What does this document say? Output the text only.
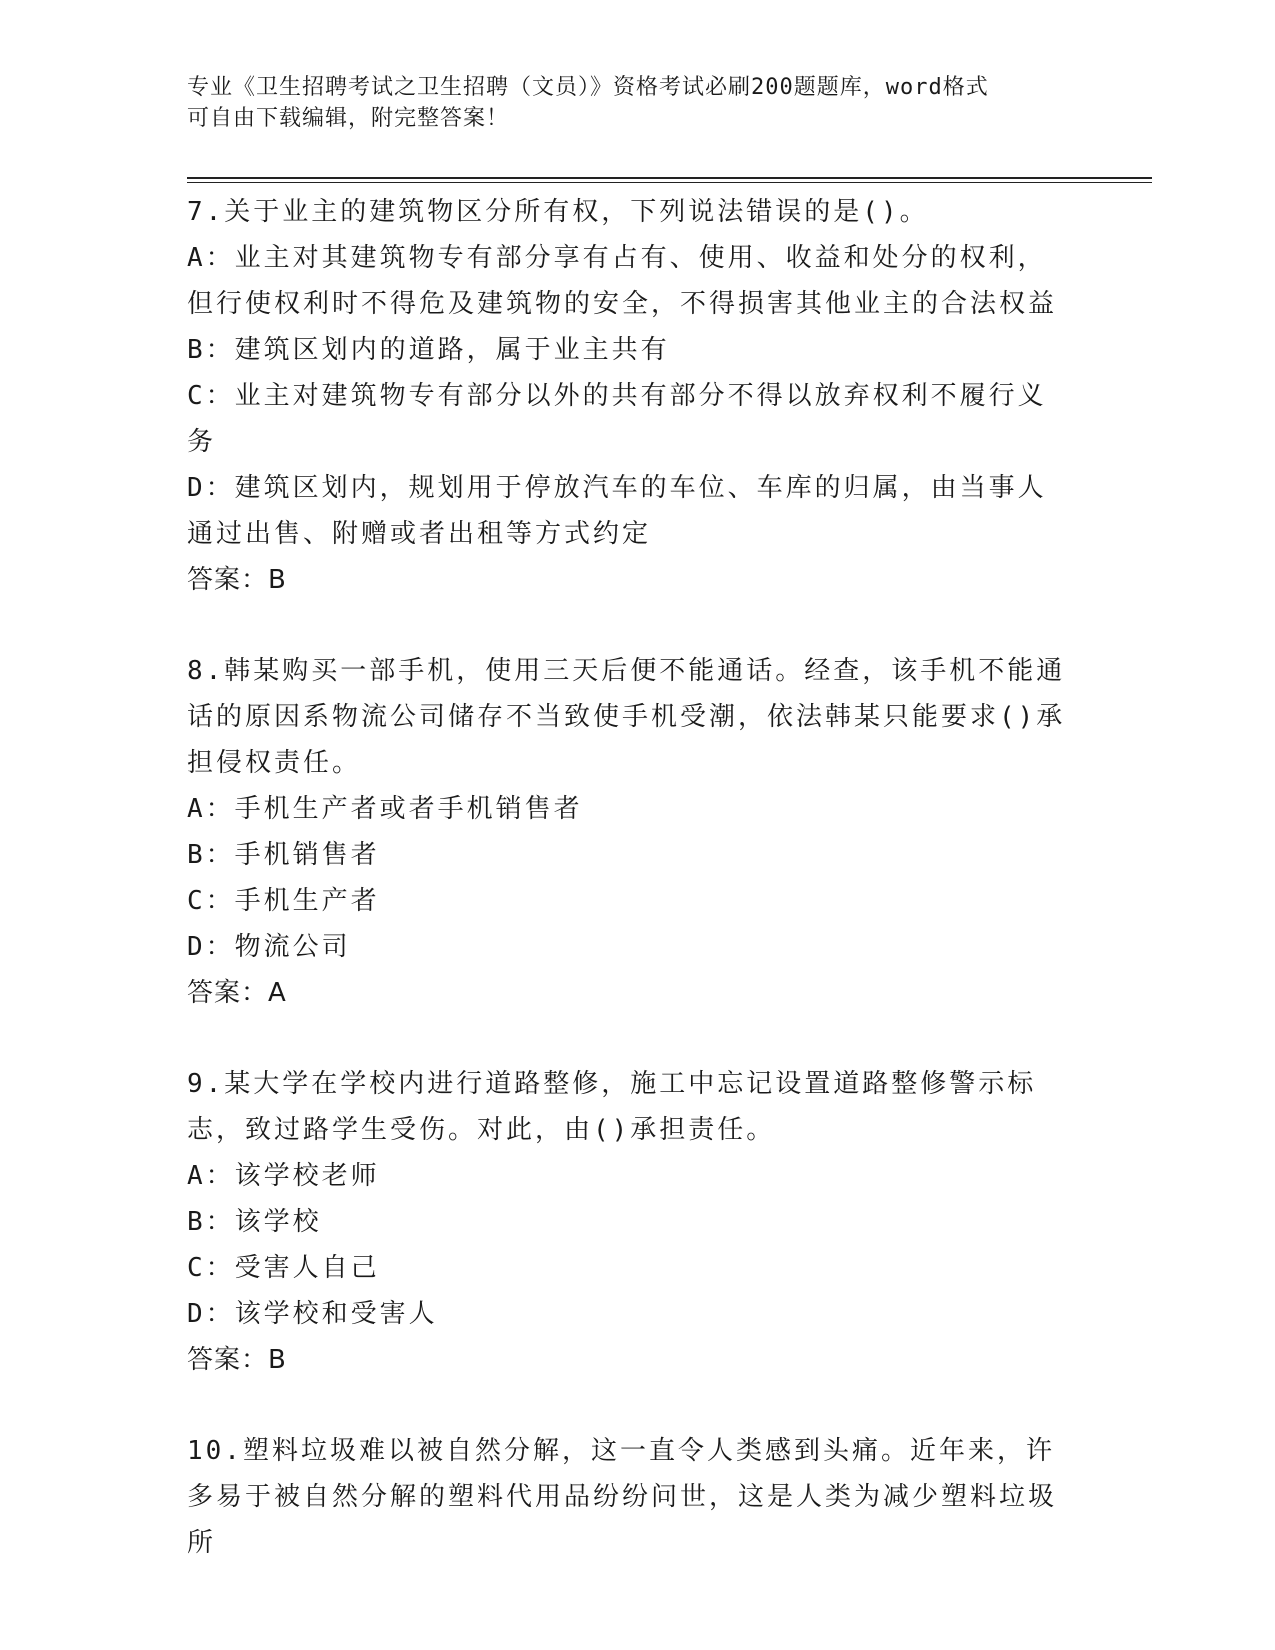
专业《卫生招聘考试之卫生招聘（文员）》资格考试必刷200题题库，word格式
可自由下载编辑，附完整答案！

7.关于业主的建筑物区分所有权，下列说法错误的是()。

A：业主对其建筑物专有部分享有占有、使用、收益和处分的权利，但行使权利时不得危及建筑物的安全，不得损害其他业主的合法权益

B：建筑区划内的道路，属于业主共有

C：业主对建筑物专有部分以外的共有部分不得以放弃权利不履行义务

D：建筑区划内，规划用于停放汽车的车位、车库的归属，由当事人通过出售、附赠或者出租等方式约定

答案：B

8.韩某购买一部手机，使用三天后便不能通话。经查，该手机不能通话的原因系物流公司储存不当致使手机受潮，依法韩某只能要求()承担侵权责任。

A：手机生产者或者手机销售者

B：手机销售者

C：手机生产者

D：物流公司

答案：A

9.某大学在学校内进行道路整修，施工中忘记设置道路整修警示标志，致过路学生受伤。对此，由()承担责任。

A：该学校老师

B：该学校

C：受害人自己

D：该学校和受害人

答案：B

10.塑料垃圾难以被自然分解，这一直令人类感到头痛。近年来，许多易于被自然分解的塑料代用品纷纷问世，这是人类为减少塑料垃圾所
